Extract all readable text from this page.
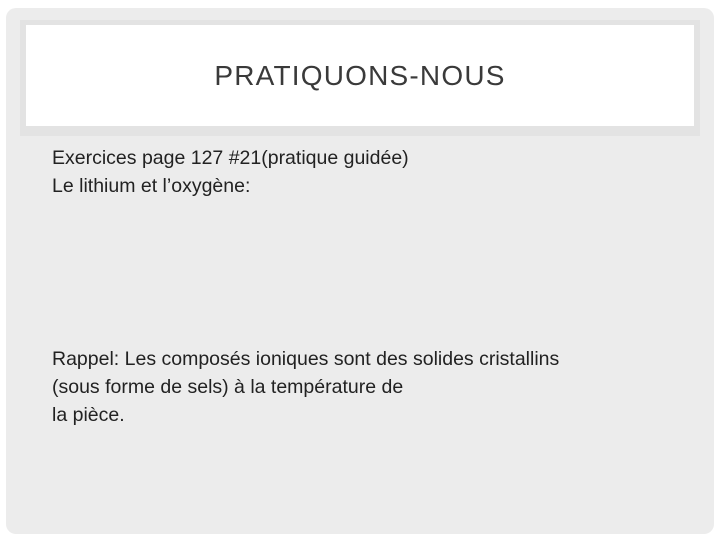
PRATIQUONS-NOUS
Exercices page 127 #21(pratique guidée)
Le lithium et l’oxygène:
Rappel: Les composés ioniques sont des solides cristallins
(sous forme de sels) à la température de
la pièce.
